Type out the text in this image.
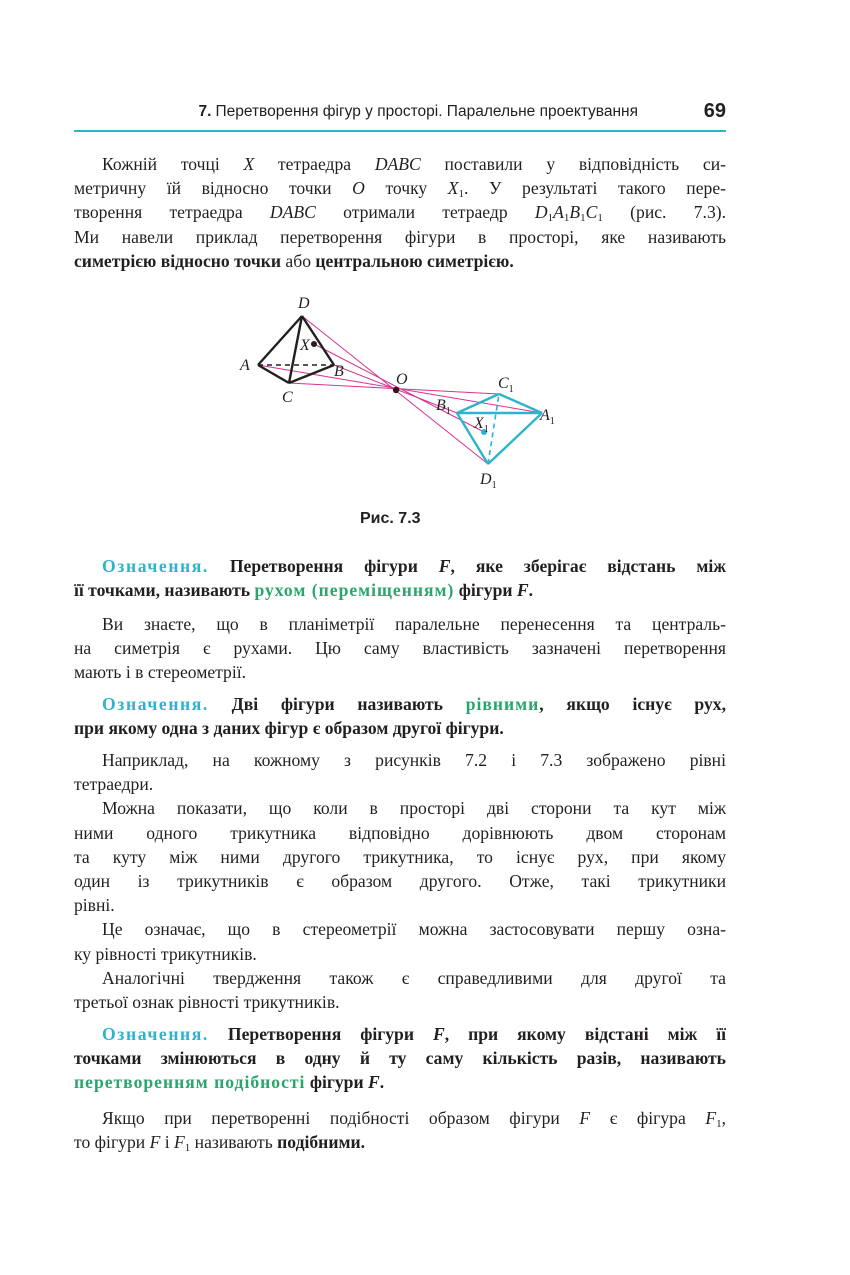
7. Перетворення фігур у просторі. Паралельне проектування	69
Кожній точці X тетраедра DABC поставили у відповідність си-
метричну їй відносно точки O точку $X_1$. У результаті такого пере-
творення тетраедра DABC отримали тетраедр $D_1A_1B_1C_1$ (рис. 7.3).
Ми навели приклад перетворення фігури в просторі, яке називають
симетрією відносно точки або центральною симетрією.
D
A	B
C
X
O	$C_1$
$A_1$
$B_1$
$X_1$
$D_1$
Рис. 7.3
Означення. Перетворення фігури F, яке зберігає відстань між
її точками, називають рухом (переміщенням) фігури F.
Ви знаєте, що в планіметрії паралельне перенесення та централь-
на симетрія є рухами. Цю саму властивість зазначені перетворення
мають і в стереометрії.
Означення. Дві фігури називають рівними, якщо існує рух,
при якому одна з даних фігур є образом другої фігури.
Наприклад, на кожному з рисунків 7.2 і 7.3 зображено рівні
тетраедри.
Можна показати, що коли в просторі дві сторони та кут між
ними одного трикутника відповідно дорівнюють двом сторонам
та куту між ними другого трикутника, то існує рух, при якому
один із трикутників є образом другого. Отже, такі трикутники
рівні.
Це означає, що в стереометрії можна застосовувати першу озна-
ку рівності трикутників.
Аналогічні твердження також є справедливими для другої та
третьої ознак рівності трикутників.
Означення. Перетворення фігури F, при якому відстані між її
точками змінюються в одну й ту саму кількість разів, називають
перетворенням подібності фігури F.
Якщо при перетворенні подібності образом фігури F є фігура $F_1$,
то фігури F і $F_1$ називають подібними.
